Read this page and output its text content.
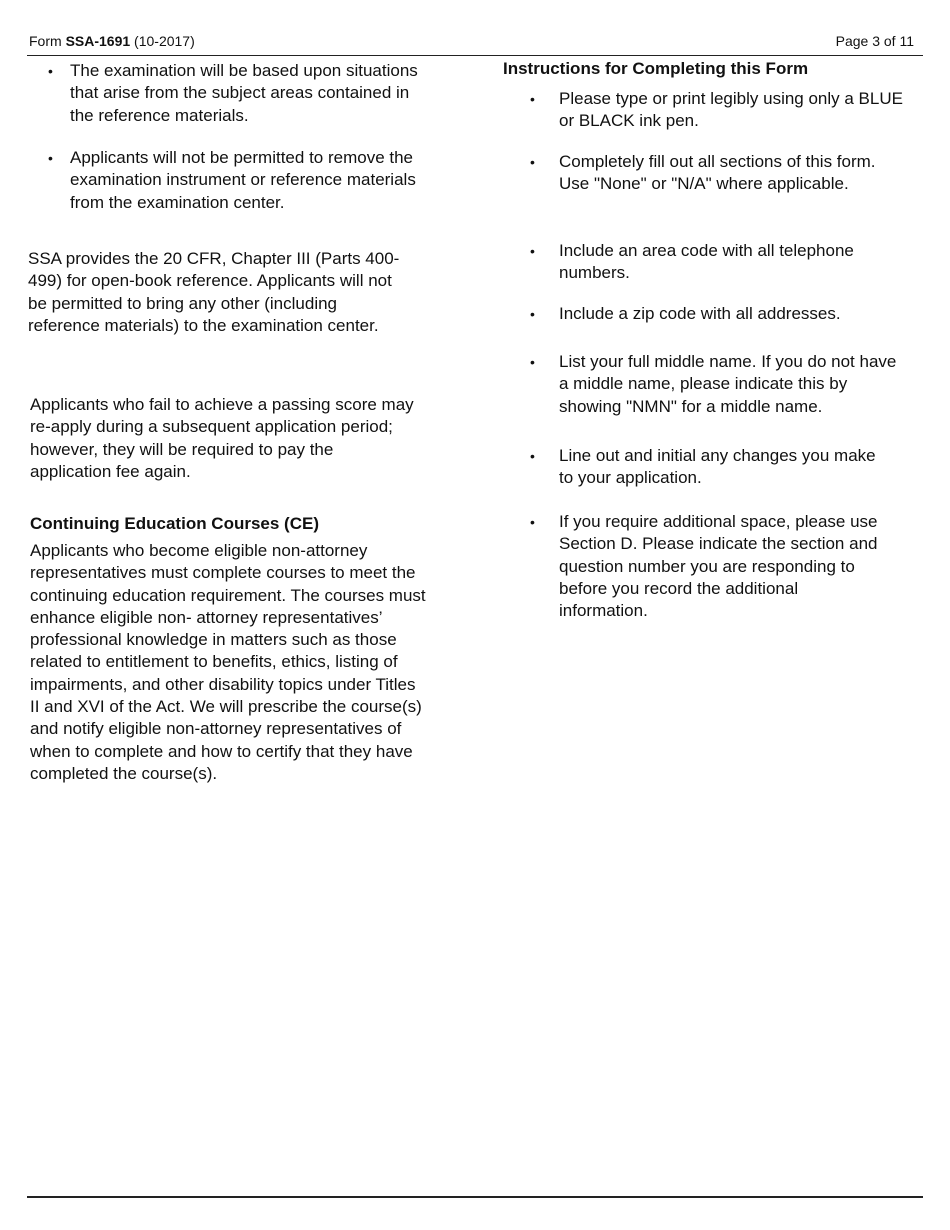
Form SSA-1691 (10-2017)	Page 3 of 11
• The examination will be based upon situations that arise from the subject areas contained in the reference materials.
• Applicants will not be permitted to remove the examination instrument or reference materials from the examination center.

SSA provides the 20 CFR, Chapter III (Parts 400-499) for open-book reference. Applicants will not be permitted to bring any other (including reference materials) to the examination center.

Applicants who fail to achieve a passing score may re-apply during a subsequent application period; however, they will be required to pay the application fee again.

Continuing Education Courses (CE)

Applicants who become eligible non-attorney representatives must complete courses to meet the continuing education requirement. The courses must enhance eligible non- attorney representatives’ professional knowledge in matters such as those related to entitlement to benefits, ethics, listing of impairments, and other disability topics under Titles II and XVI of the Act. We will prescribe the course(s) and notify eligible non-attorney representatives of when to complete and how to certify that they have completed the course(s).

Instructions for Completing this Form
• Please type or print legibly using only a BLUE or BLACK ink pen.
• Completely fill out all sections of this form. Use "None" or "N/A" where applicable.
• Include an area code with all telephone numbers.
• Include a zip code with all addresses.
• List your full middle name. If you do not have a middle name, please indicate this by showing "NMN" for a middle name.
• Line out and initial any changes you make to your application.
• If you require additional space, please use Section D. Please indicate the section and question number you are responding to before you record the additional information.
